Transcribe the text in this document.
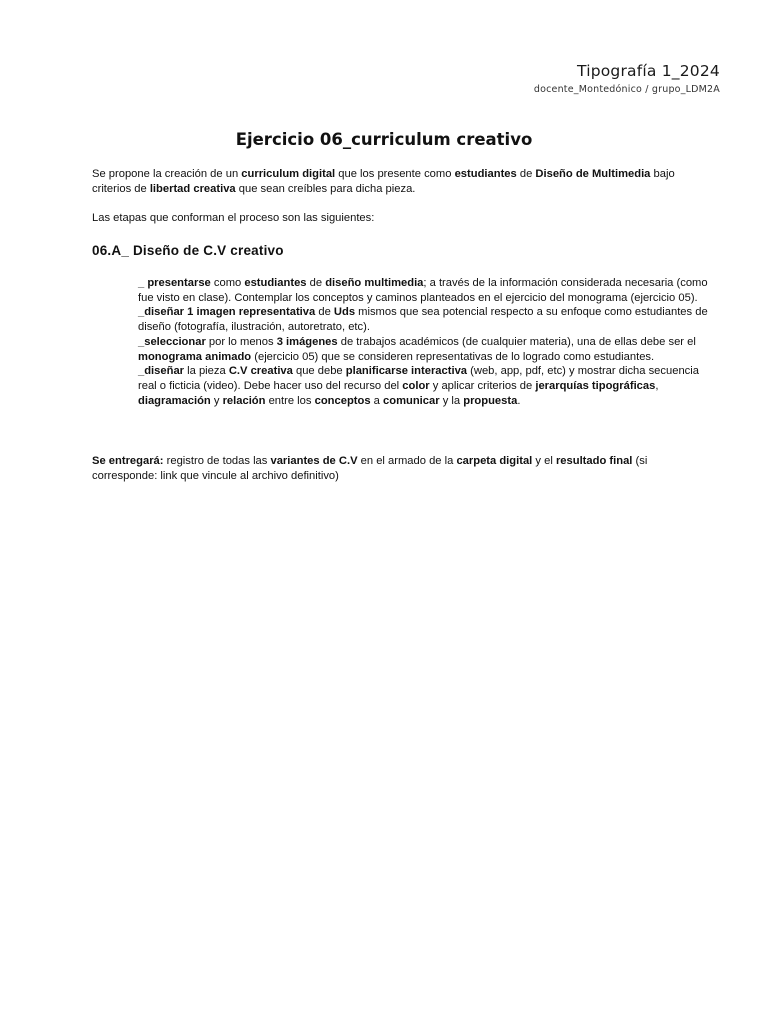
Tipografía 1_2024
docente_Montedónico / grupo_LDM2A
Ejercicio 06_curriculum creativo
Se propone la creación de un curriculum digital que los presente como estudiantes de Diseño de Multimedia bajo criterios de libertad creativa que sean creíbles para dicha pieza.
Las etapas que conforman el proceso son las siguientes:
06.A_ Diseño de C.V creativo
_ presentarse como estudiantes de diseño multimedia; a través de la información considerada necesaria (como fue visto en clase). Contemplar los conceptos y caminos planteados en el ejercicio del monograma (ejercicio 05).
_diseñar 1 imagen representativa de Uds mismos que sea potencial respecto a su enfoque como estudiantes de diseño (fotografía, ilustración, autoretrato, etc).
_seleccionar por lo menos 3 imágenes de trabajos académicos (de cualquier materia), una de ellas debe ser el monograma animado (ejercicio 05) que se consideren representativas de lo logrado como estudiantes.
_diseñar la pieza C.V creativa que debe planificarse interactiva (web, app, pdf, etc) y mostrar dicha secuencia real o ficticia (video). Debe hacer uso del recurso del color y aplicar criterios de jerarquías tipográficas, diagramación y relación entre los conceptos a comunicar y la propuesta.
Se entregará: registro de todas las variantes de C.V en el armado de la carpeta digital y el resultado final (si corresponde: link que vincule al archivo definitivo)
